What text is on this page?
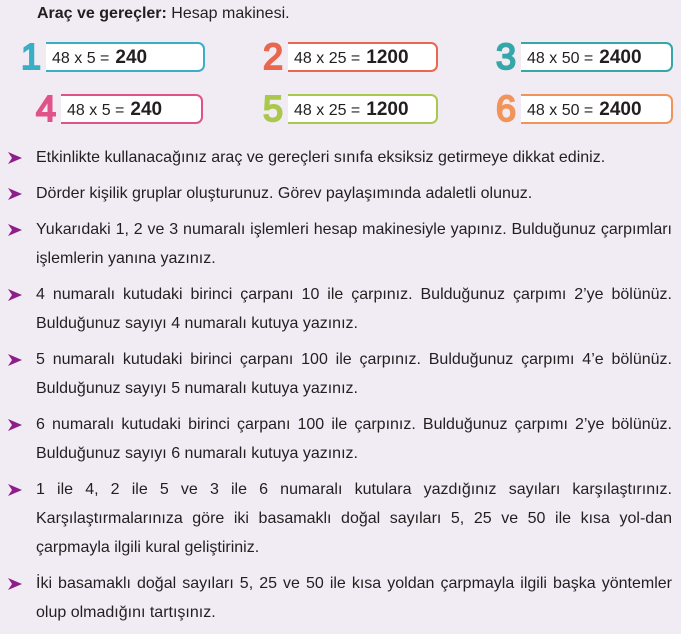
Araç ve gereçler: Hesap makinesi.
1 48 x 5 = 240	2 48 x 25 = 1200 3 48 x 50 = 2400
4 48 x 5 = 240	5 48 x 25 = 1200 6 48 x 50 = 2400
Etkinlikte kullanacağınız araç ve gereçleri sınıfa eksiksiz getirmeye dikkat ediniz.
Dörder kişilik gruplar oluşturunuz. Görev paylaşımında adaletli olunuz.
Yukarıdaki 1, 2 ve 3 numaralı işlemleri hesap makinesiyle yapınız. Bulduğunuz çarpımları işlemlerin yanına yazınız.
4 numaralı kutudaki birinci çarpanı 10 ile çarpınız. Bulduğunuz çarpımı 2’ye bölünüz. Bulduğunuz sayıyı 4 numaralı kutuya yazınız.
5 numaralı kutudaki birinci çarpanı 100 ile çarpınız. Bulduğunuz çarpımı 4’e bölünüz. Bulduğunuz sayıyı 5 numaralı kutuya yazınız.
6 numaralı kutudaki birinci çarpanı 100 ile çarpınız. Bulduğunuz çarpımı 2’ye bölünüz. Bulduğunuz sayıyı 6 numaralı kutuya yazınız.
1 ile 4, 2 ile 5 ve 3 ile 6 numaralı kutulara yazdığınız sayıları karşılaştırınız. Karşılaştırmalarınıza göre iki basamaklı doğal sayıları 5, 25 ve 50 ile kısa yol-dan çarpmayla ilgili kural geliştiriniz.
İki basamaklı doğal sayıları 5, 25 ve 50 ile kısa yoldan çarpmayla ilgili başka yöntemler olup olmadığını tartışınız.
